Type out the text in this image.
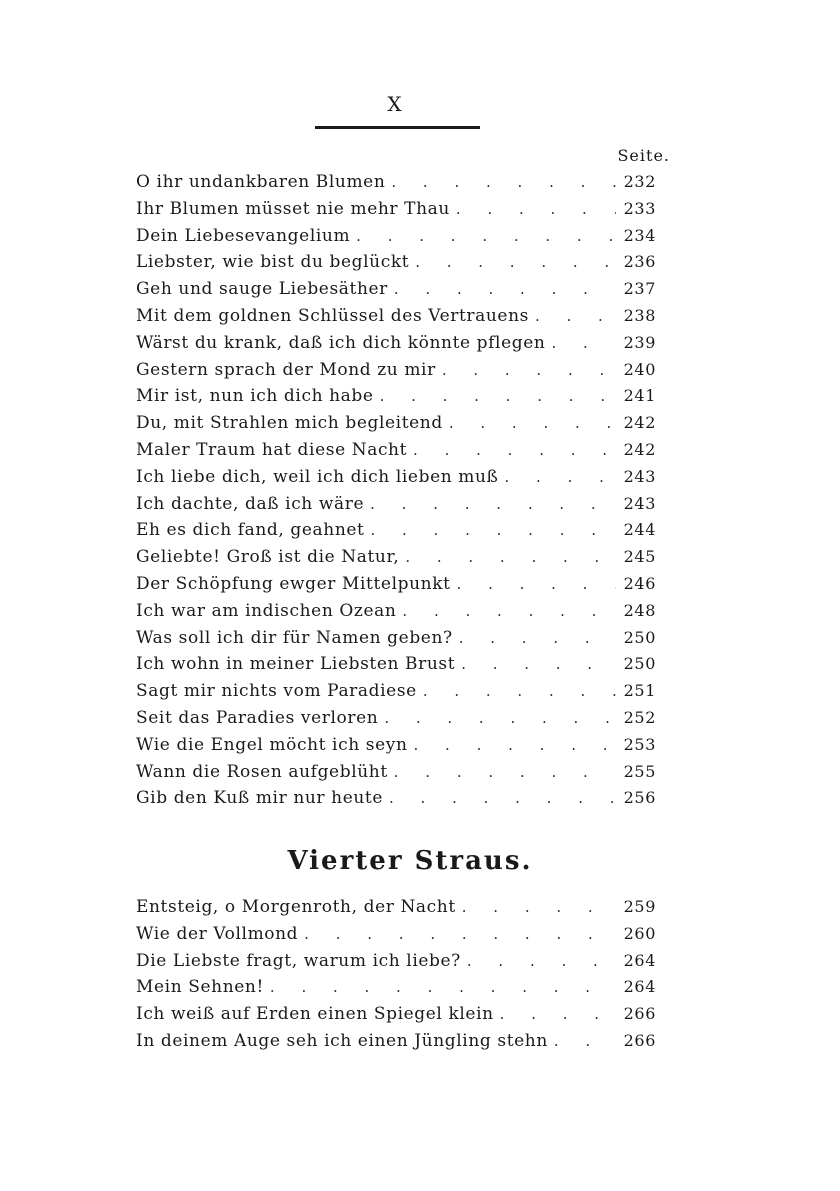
X
Seite.
O ihr undankbaren Blumen . . .	232
Ihr Blumen müsset nie mehr Thau . . .	233
Dein Liebesevangelium . . .	234
Liebster, wie bist du beglückt . . .	236
Geh und sauge Liebesäther . . .	237
Mit dem goldnen Schlüssel des Vertrauens . . .	238
Wärst du krank, daß ich dich könnte pflegen . . .	239
Gestern sprach der Mond zu mir . . .	240
Mir ist, nun ich dich habe . . .	241
Du, mit Strahlen mich begleitend . . .	242
Maler Traum hat diese Nacht . . .	242
Ich liebe dich, weil ich dich lieben muß . . .	243
Ich dachte, daß ich wäre . . .	243
Eh es dich fand, geahnet . . .	244
Geliebte! Groß ist die Natur, . . .	245
Der Schöpfung ewger Mittelpunkt . . .	246
Ich war am indischen Ozean . . .	248
Was soll ich dir für Namen geben? . . .	250
Ich wohn in meiner Liebsten Brust . . .	250
Sagt mir nichts vom Paradiese . . .	251
Seit das Paradies verloren . . .	252
Wie die Engel möcht ich seyn . . .	253
Wann die Rosen aufgeblüht . . .	255
Gib den Kuß mir nur heute . . .	256
Vierter Straus.
Entsteig, o Morgenroth, der Nacht . . .	259
Wie der Vollmond . . .	260
Die Liebste fragt, warum ich liebe? . . .	264
Mein Sehnen! . . .	264
Ich weiß auf Erden einen Spiegel klein . . .	266
In deinem Auge seh ich einen Jüngling stehn . . .	266
